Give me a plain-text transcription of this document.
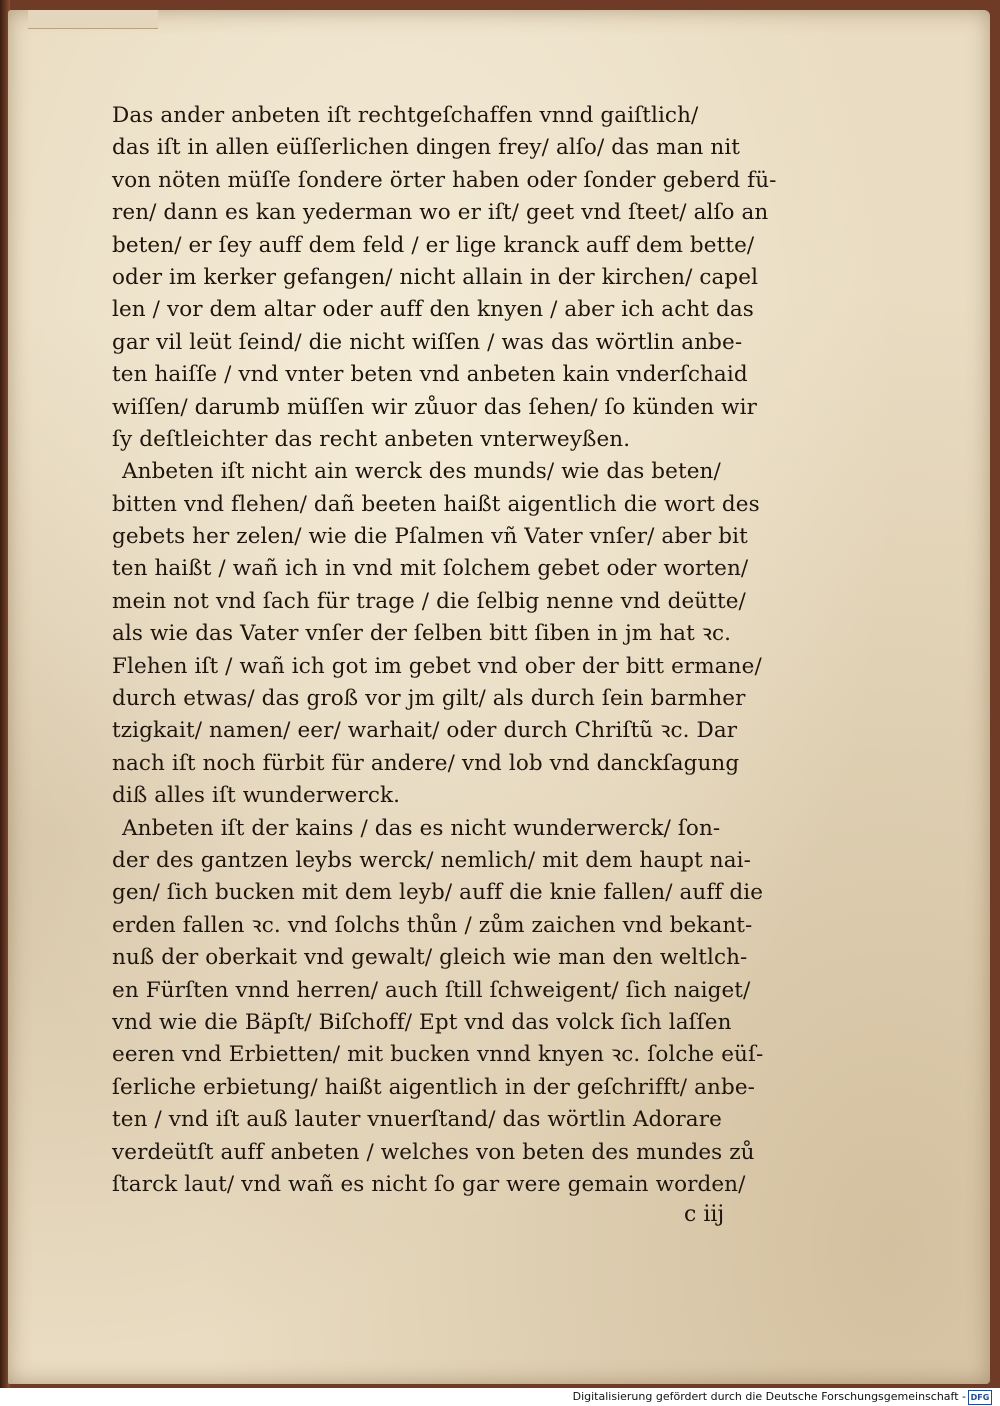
Das ander anbeten iſt rechtgeſchaffen vnnd gaiſtlich/
das iſt in allen eüſſerlichen dingen frey/ alſo/ das man nit
von nöten müſſe ſondere örter haben oder ſonder geberd fü-
ren/ dann es kan yederman wo er iſt/ geet vnd ſteet/ alſo an
beten/ er ſey auff dem feld / er lige kranck auff dem bette/
oder im kerker gefangen/ nicht allain in der kirchen/ capel
len / vor dem altar oder auff den knyen / aber ich acht das
gar vil leüt ſeind/ die nicht wiſſen / was das wörtlin anbe-
ten haiſſe / vnd vnter beten vnd anbeten kain vnderſchaid
wiſſen/ darumb müſſen wir zůuor das ſehen/ ſo künden wir
ſy deſtleichter das recht anbeten vnterweyßen.
Anbeten iſt nicht ain werck des munds/ wie das beten/
bitten vnd flehen/ dañ beeten haißt aigentlich die wort des
gebets her zelen/ wie die Pſalmen vñ Vater vnſer/ aber bit
ten haißt / wañ ich in vnd mit ſolchem gebet oder worten/
mein not vnd ſach für trage / die ſelbig nenne vnd deütte/
als wie das Vater vnſer der ſelben bitt ſiben in jm hat ꝛc.
Flehen iſt / wañ ich got im gebet vnd ober der bitt ermane/
durch etwas/ das groß vor jm gilt/ als durch ſein barmher
tzigkait/ namen/ eer/ warhait/ oder durch Chriſtũ ꝛc. Dar
nach iſt noch fürbit für andere/ vnd lob vnd danckſagung
diß alles iſt wunderwerck.
Anbeten iſt der kains / das es nicht wunderwerck/ ſon-
der des gantzen leybs werck/ nemlich/ mit dem haupt nai-
gen/ ſich bucken mit dem leyb/ auff die knie fallen/ auff die
erden fallen ꝛc. vnd ſolchs thůn / zům zaichen vnd bekant-
nuß der oberkait vnd gewalt/ gleich wie man den weltlch-
en Fürſten vnnd herren/ auch ſtill ſchweigent/ ſich naiget/
vnd wie die Bäpſt/ Biſchoff/ Ept vnd das volck ſich laſſen
eeren vnd Erbietten/ mit bucken vnnd knyen ꝛc. ſolche eüſ-
ſerliche erbietung/ haißt aigentlich in der geſchrifft/ anbe-
ten / vnd iſt auß lauter vnuerſtand/ das wörtlin Adorare
verdeütſt auff anbeten / welches von beten des mundes zů
ſtarck laut/ vnd wañ es nicht ſo gar were gemain worden/
c iij
Digitalisierung gefördert durch die Deutsche Forschungsgemeinschaft - DFG
